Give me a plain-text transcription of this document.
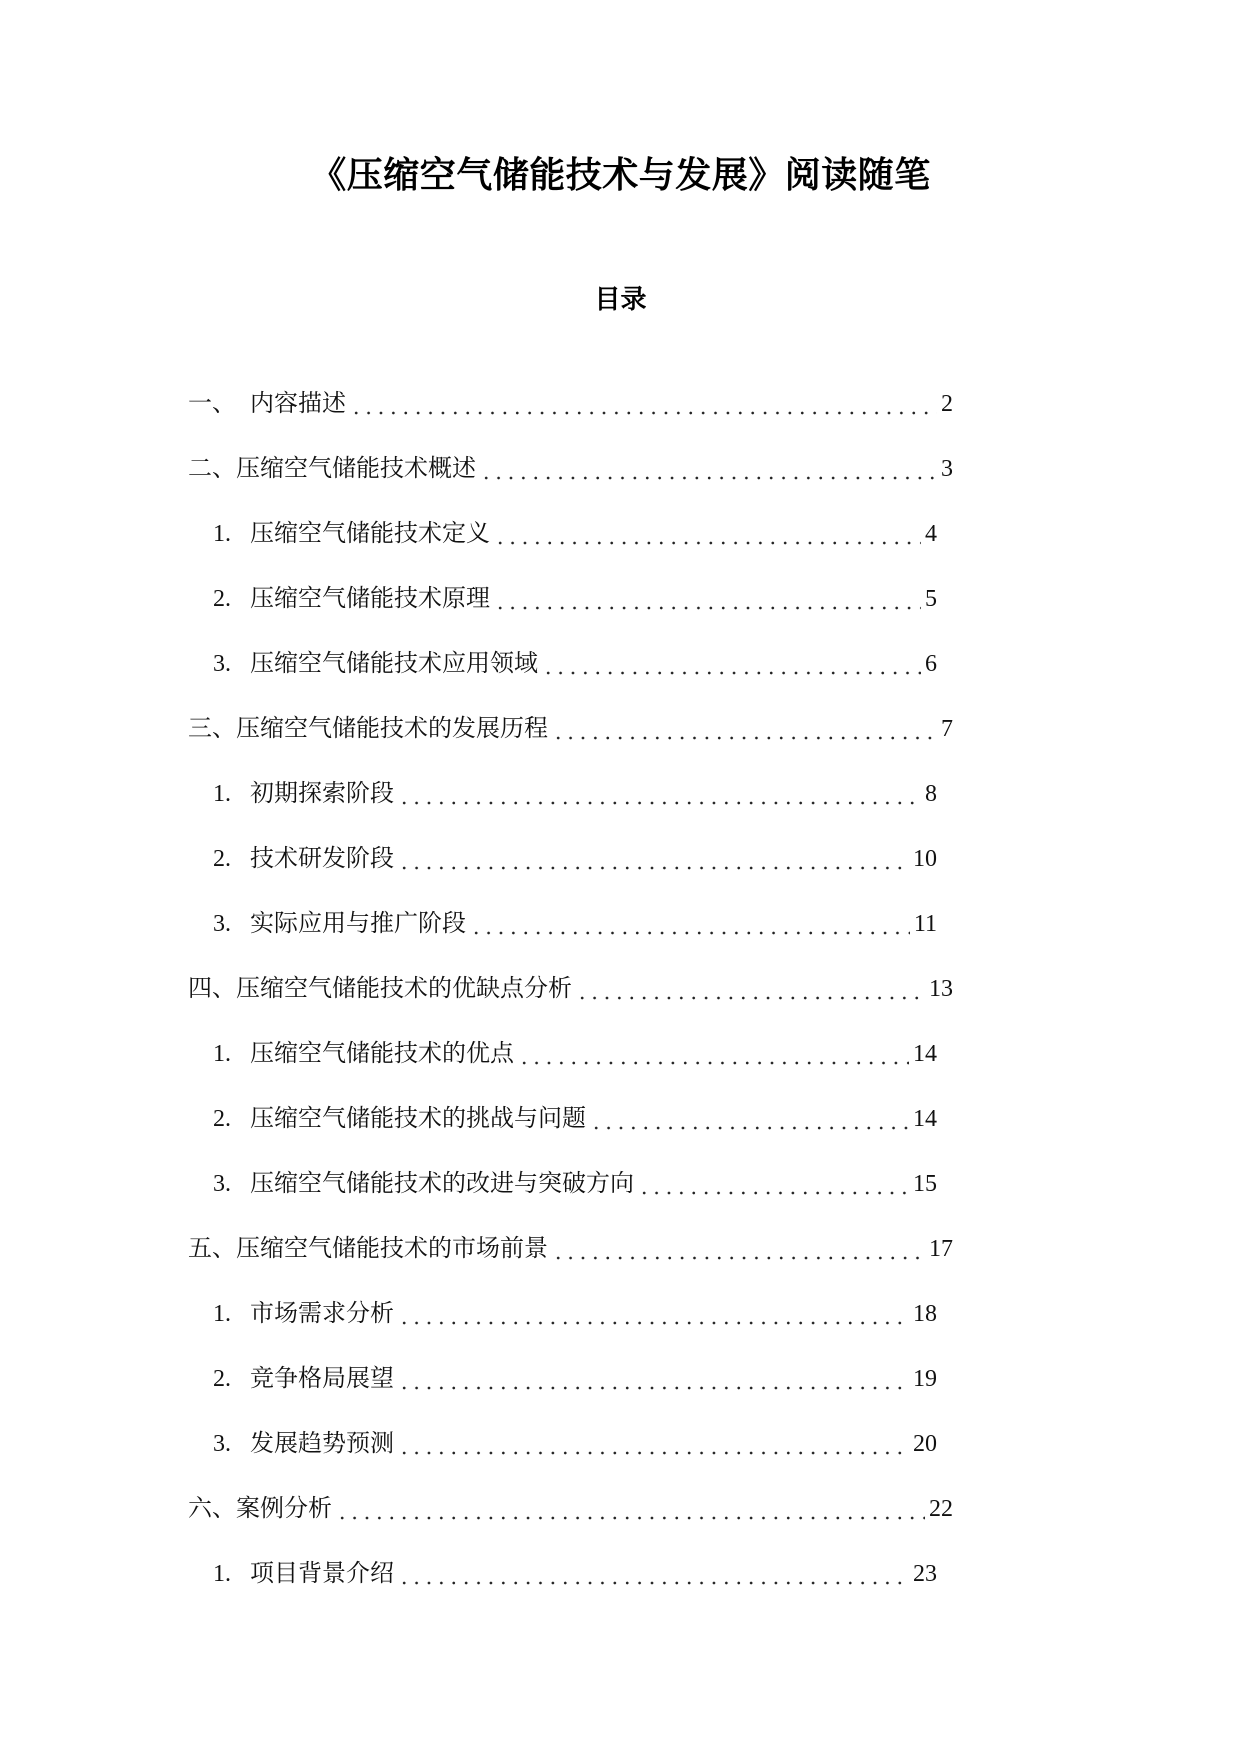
《压缩空气储能技术与发展》阅读随笔
目录
一、 内容描述	2
二、 压缩空气储能技术概述	3
1. 压缩空气储能技术定义	4
2. 压缩空气储能技术原理	5
3. 压缩空气储能技术应用领域	6
三、 压缩空气储能技术的发展历程	7
1. 初期探索阶段	8
2. 技术研发阶段	10
3. 实际应用与推广阶段	11
四、 压缩空气储能技术的优缺点分析	13
1. 压缩空气储能技术的优点	14
2. 压缩空气储能技术的挑战与问题	14
3. 压缩空气储能技术的改进与突破方向	15
五、 压缩空气储能技术的市场前景	17
1. 市场需求分析	18
2. 竞争格局展望	19
3. 发展趋势预测	20
六、 案例分析	22
1. 项目背景介绍	23
